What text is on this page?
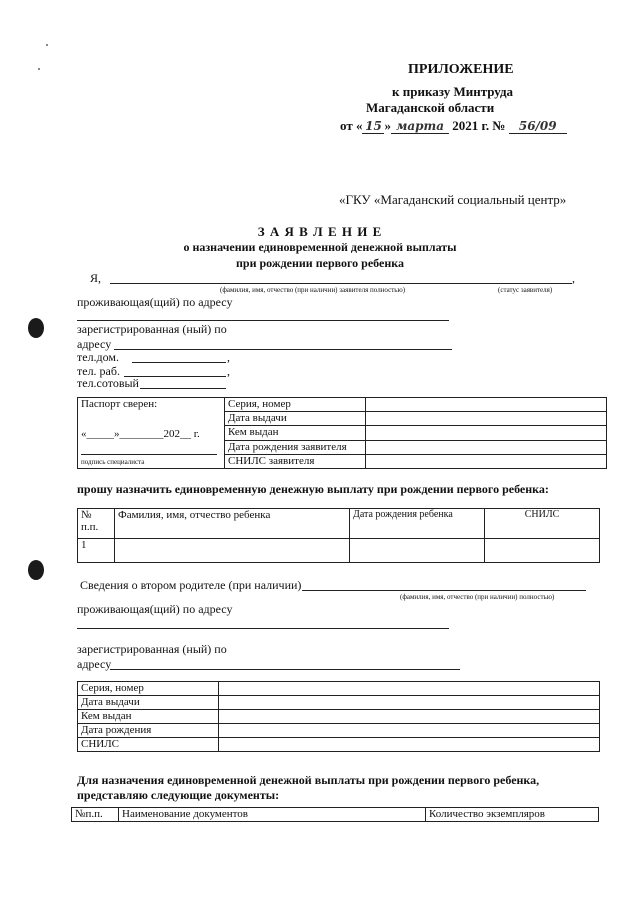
ПРИЛОЖЕНИЕ
к приказу Минтруда
Магаданской области
от « 15 » марта 2021 г. № 56/09
«ГКУ «Магаданский социальный центр»
З А Я В Л Е Н И Е
о назначении единовременной денежной выплаты
при рождении первого ребенка
Я,	,
(фамилия, имя, отчество (при наличии) заявителя полностью)	(статус заявителя)
проживающая(щий) по адресу
зарегистрированная (ный) по
адресу
тел.дом.	,
тел. раб.	,
тел.сотовый
Паспорт сверен:
«_____»________202__ г.
подпись специалиста	Серия, номер	
	Дата выдачи	
	Кем выдан	
	Дата рождения заявителя	
	СНИЛС заявителя	
прошу назначить единовременную денежную выплату при рождении первого ребенка:
№
п.п.	Фамилия, имя, отчество ребенка	Дата рождения ребенка	СНИЛС
1			
Сведения о втором родителе (при наличии)
(фамилия, имя, отчество (при наличии) полностью)
проживающая(щий) по адресу
зарегистрированная (ный) по
адресу
Серия, номер	
Дата выдачи	
Кем выдан	
Дата рождения	
СНИЛС	
Для назначения единовременной денежной выплаты при рождении первого ребенка,
представляю следующие документы:
№п.п.	Наименование документов	Количество экземпляров
